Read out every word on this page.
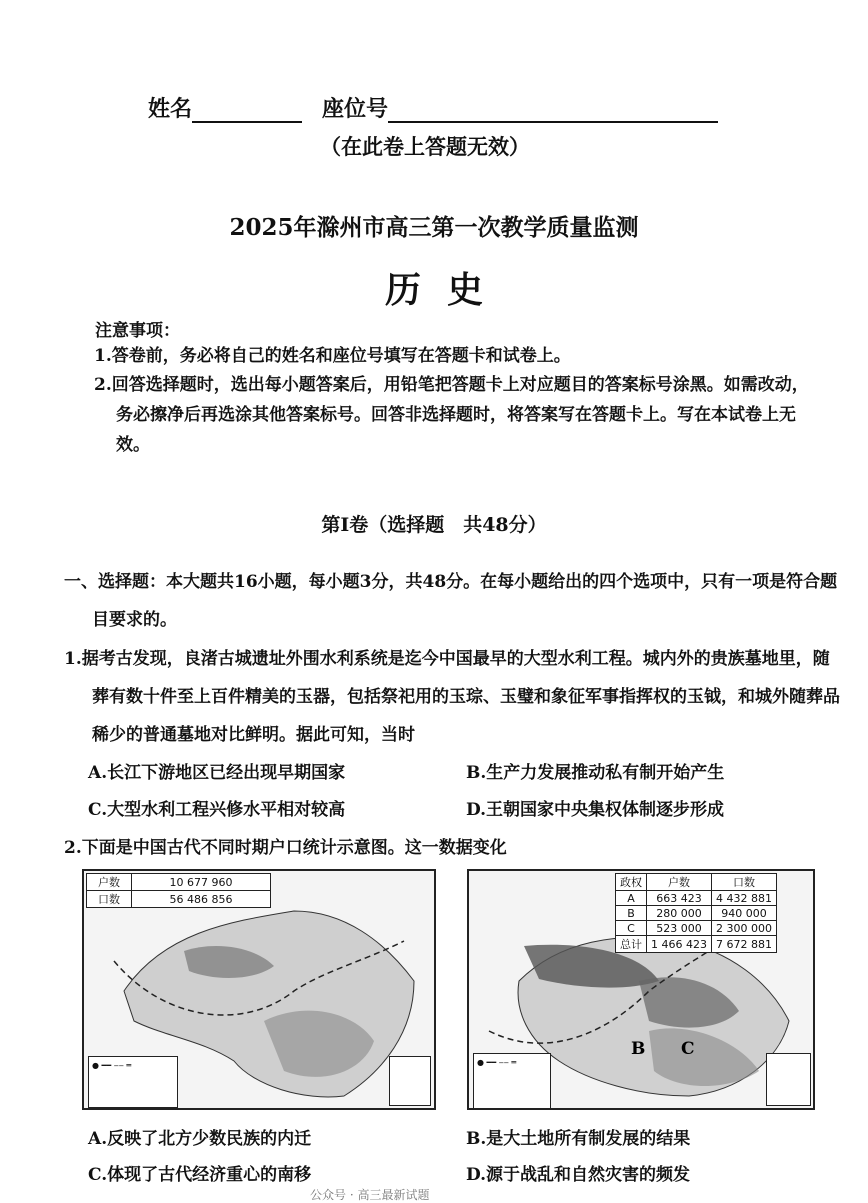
姓名	座位号
（在此卷上答题无效）
2025年滁州市高三第一次教学质量监测
历史
注意事项：
1.答卷前，务必将自己的姓名和座位号填写在答题卡和试卷上。
2.回答选择题时，选出每小题答案后，用铅笔把答题卡上对应题目的答案标号涂黑。如需改动，务必擦净后再选涂其他答案标号。回答非选择题时，将答案写在答题卡上。写在本试卷上无效。
第Ⅰ卷（选择题　共48分）
一、选择题：本大题共16小题，每小题3分，共48分。在每小题给出的四个选项中，只有一项是符合题目要求的。
1.据考古发现，良渚古城遗址外围水利系统是迄今中国最早的大型水利工程。城内外的贵族墓地里，随葬有数十件至上百件精美的玉器，包括祭祀用的玉琮、玉璧和象征军事指挥权的玉钺，和城外随葬品稀少的普通墓地对比鲜明。据此可知，当时
A.长江下游地区已经出现早期国家	B.生产力发展推动私有制开始产生
C.大型水利工程兴修水平相对较高	D.王朝国家中央集权体制逐步形成
2.下面是中国古代不同时期户口统计示意图。这一数据变化
户数	10 677 960
口数	56 486 856
● ━━ ‒‒ ═
政权	户数	口数
A	663 423	4 432 881
B	280 000	940 000
C	523 000	2 300 000
总计	1 466 423	7 672 881
B C
● ━━ ‒‒ ═
A.反映了北方少数民族的内迁	B.是大土地所有制发展的结果
C.体现了古代经济重心的南移	D.源于战乱和自然灾害的频发
公众号 · 高三最新试题
